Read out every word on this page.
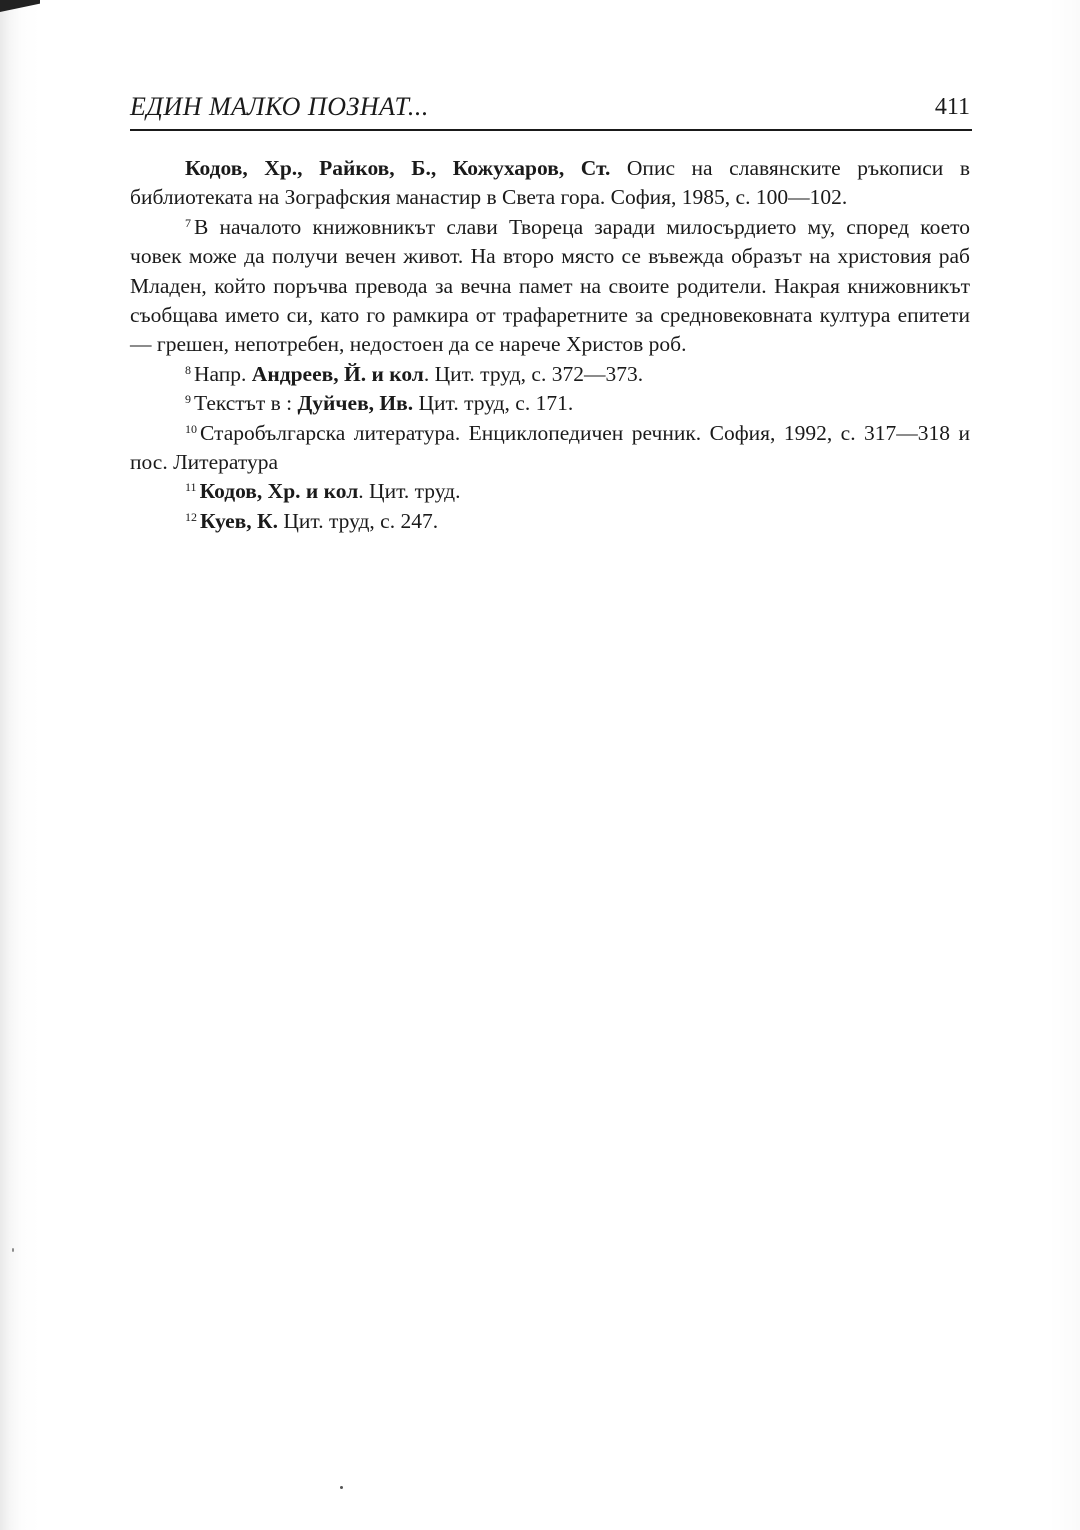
ЕДИН МАЛКО ПОЗНАТ...	411

Кодов, Хр., Райков, Б., Кожухаров, Ст. Опис на славянските ръкописи в библиотеката на Зографския манастир в Света гора. София, 1985, с. 100—102.

$^7$ В началото книжовникът слави Твореца заради милосърдието му, според което човек може да получи вечен живот. На второ място се въвежда образът на христовия раб Младен, който поръчва превода за вечна памет на своите родители. Накрая книжовникът съобщава името си, като го рамкира от трафаретните за средновековната култура епитети — грешен, непотребен, недостоен да се нарече Христов роб.

$^8$ Напр. Андреев, Й. и кол. Цит. труд, с. 372—373.

$^9$ Текстът в : Дуйчев, Ив. Цит. труд, с. 171.

$^{10}$ Старобългарска литература. Енциклопедичен речник. София, 1992, с. 317—318 и пос. Литература

$^{11}$ Кодов, Хр. и кол. Цит. труд.

$^{12}$ Куев, К. Цит. труд, с. 247.
